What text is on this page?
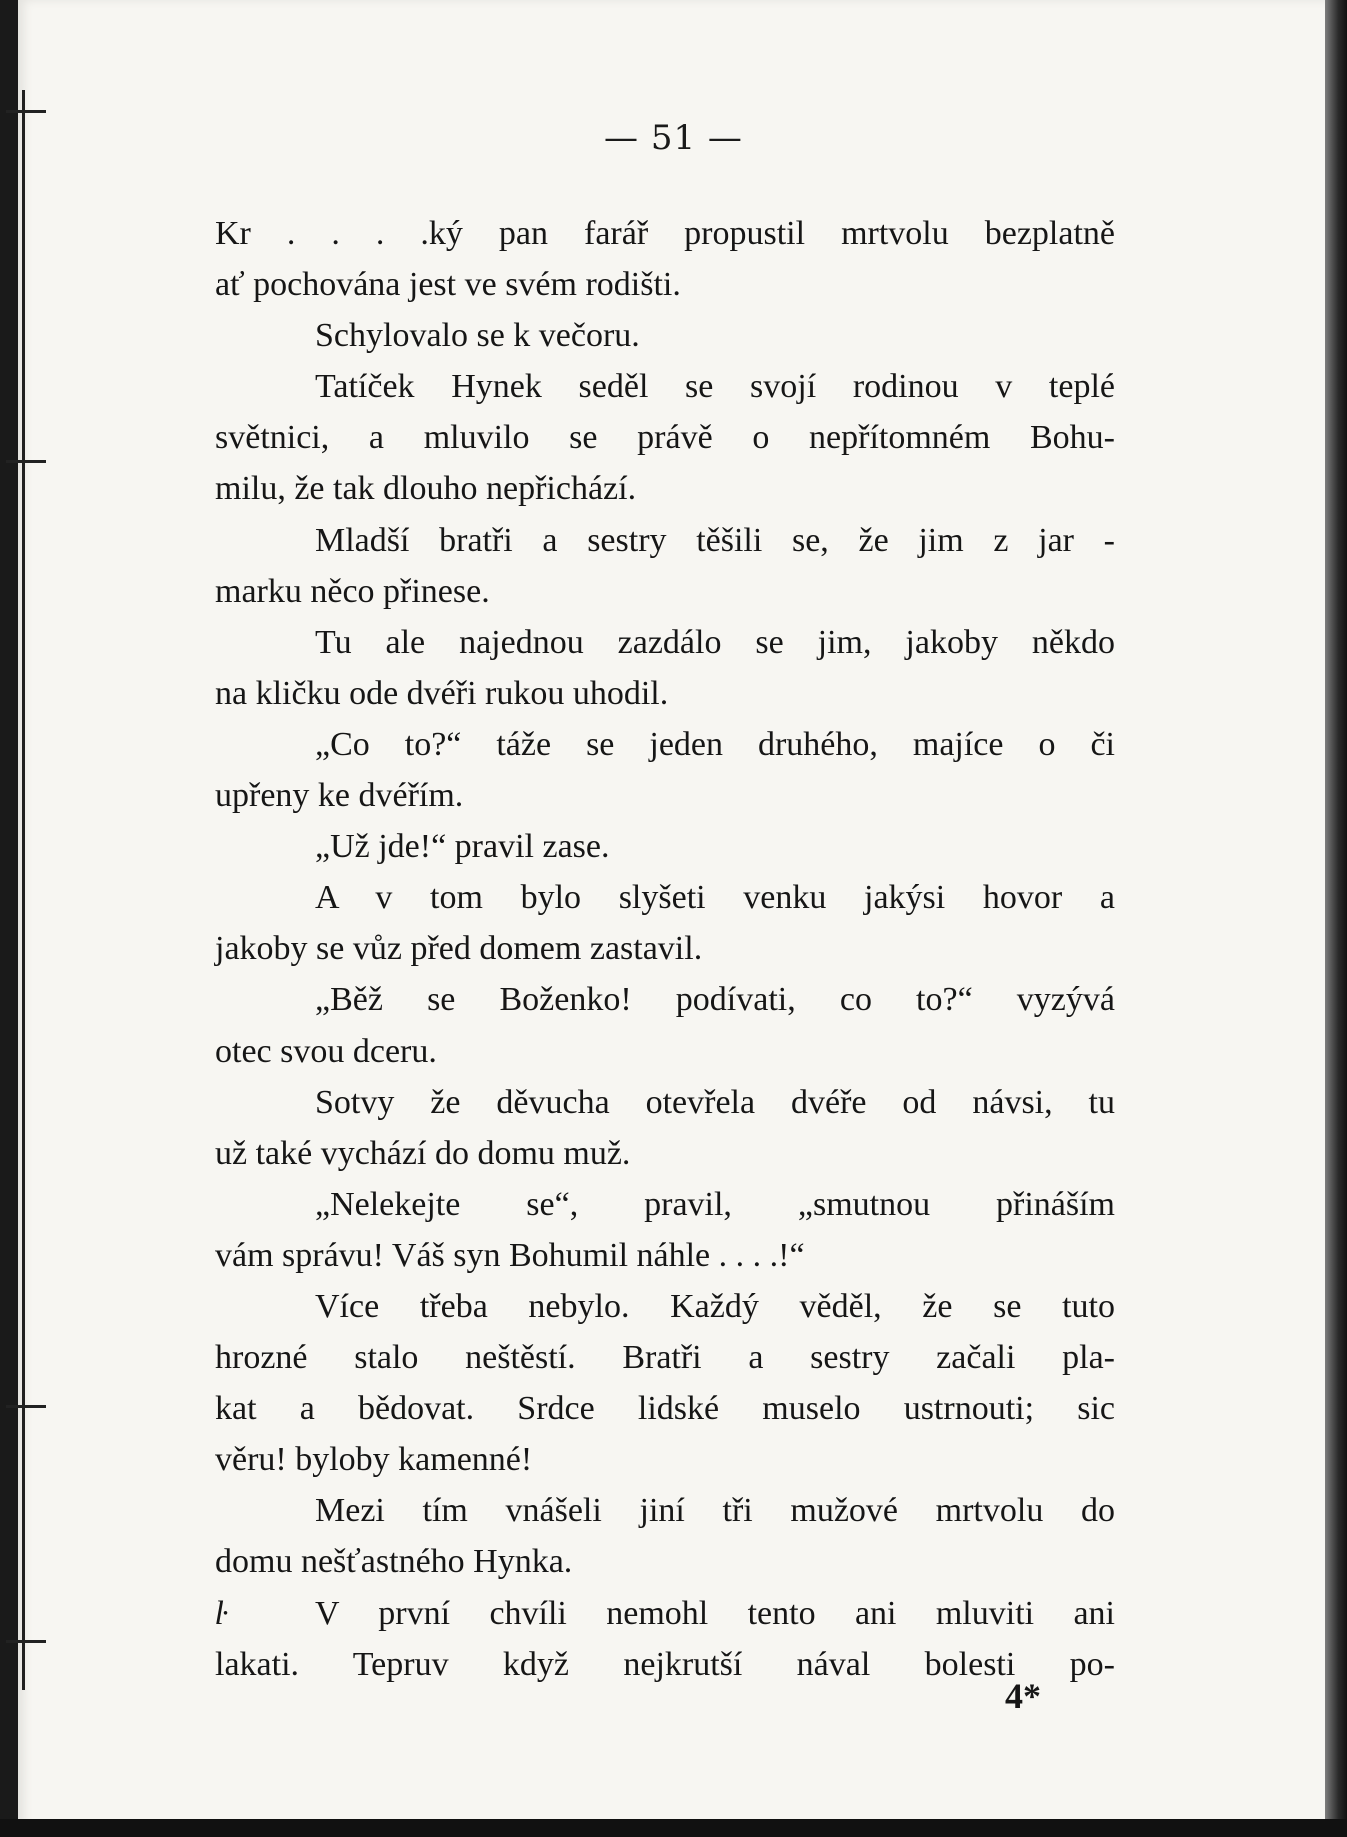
— 51 —
Kr . . . .ký pan farář propustil mrtvolu bezplatně
ať pochována jest ve svém rodišti.
Schylovalo se k večoru.
Tatíček Hynek seděl se svojí rodinou v teplé
světnici, a mluvilo se právě o nepřítomném Bohu-
milu, že tak dlouho nepřichází.
Mladší bratři a sestry těšili se, že jim z jar -
marku něco přinese.
Tu ale najednou zazdálo se jim, jakoby někdo
na kličku ode dvéři rukou uhodil.
„Co to?“ táže se jeden druhého, majíce o či
upřeny ke dvéřím.
„Už jde!“ pravil zase.
A v tom bylo slyšeti venku jakýsi hovor a
jakoby se vůz před domem zastavil.
„Běž se Boženko! podívati, co to?“ vyzývá
otec svou dceru.
Sotvy že děvucha otevřela dvéře od návsi, tu
už také vychází do domu muž.
„Nelekejte se“, pravil, „smutnou přináším
vám správu! Váš syn Bohumil náhle . . . .!“
Více třeba nebylo. Každý věděl, že se tuto
hrozné stalo neštěstí. Bratři a sestry začali pla-
kat a bědovat. Srdce lidské muselo ustrnouti; sic
věru! byloby kamenné!
Mezi tím vnášeli jiní tři mužové mrtvolu do
domu nešťastného Hynka.
ŀ	V první chvíli nemohl tento ani mluviti ani
lakati. Tepruv když nejkrutší nával bolesti po-
4*
